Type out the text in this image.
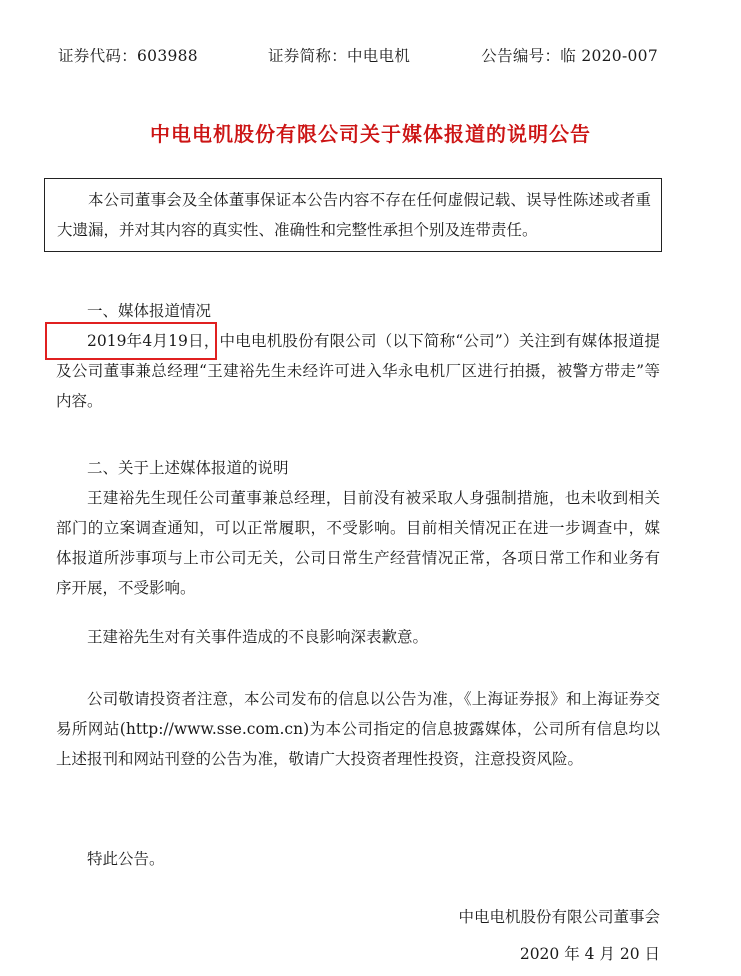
证券代码：603988	证券简称：中电电机	公告编号：临 2020-007
中电电机股份有限公司关于媒体报道的说明公告
本公司董事会及全体董事保证本公告内容不存在任何虚假记载、误导性陈述或者重大遗漏，并对其内容的真实性、准确性和完整性承担个别及连带责任。
一、媒体报道情况
2019年4月19日，中电电机股份有限公司（以下简称“公司”）关注到有媒体报道提及公司董事兼总经理“王建裕先生未经许可进入华永电机厂区进行拍摄，被警方带走”等内容。
二、关于上述媒体报道的说明
王建裕先生现任公司董事兼总经理，目前没有被采取人身强制措施，也未收到相关部门的立案调查通知，可以正常履职，不受影响。目前相关情况正在进一步调查中，媒体报道所涉事项与上市公司无关，公司日常生产经营情况正常，各项日常工作和业务有序开展，不受影响。
王建裕先生对有关事件造成的不良影响深表歉意。
公司敬请投资者注意，本公司发布的信息以公告为准，《上海证券报》和上海证券交易所网站(http://www.sse.com.cn)为本公司指定的信息披露媒体，公司所有信息均以上述报刊和网站刊登的公告为准，敬请广大投资者理性投资，注意投资风险。
特此公告。
中电电机股份有限公司董事会
2020 年 4 月 20 日
